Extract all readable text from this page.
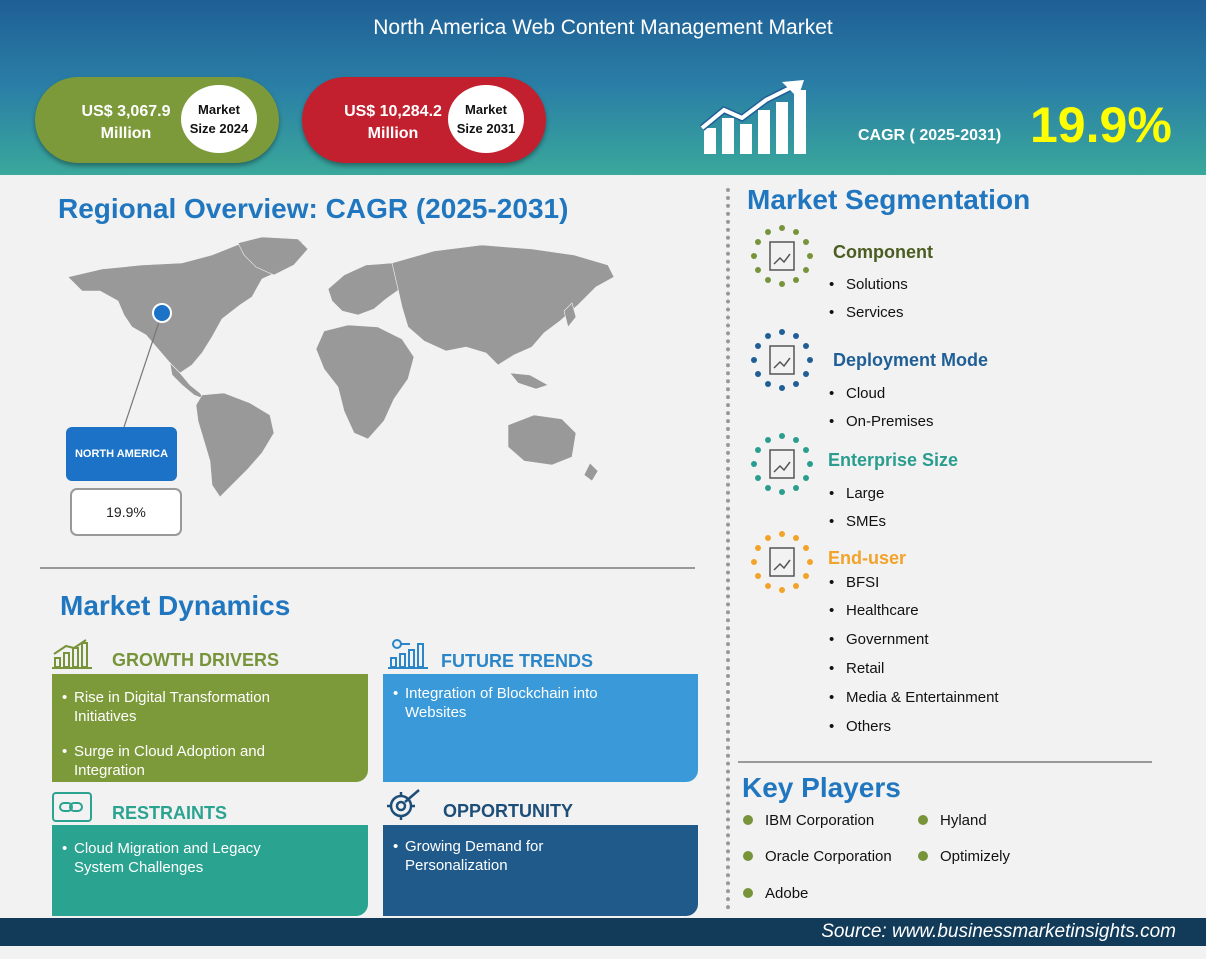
North America Web Content Management Market
US$ 3,067.9
Million
Market
Size 2024
US$ 10,284.2
Million
Market
Size 2031	CAGR ( 2025-2031) 19.9%
Regional Overview: CAGR (2025-2031)
NORTH AMERICA
19.9%
Market Dynamics
GROWTH DRIVERS
• Rise in Digital Transformation Initiatives
• Surge in Cloud Adoption and Integration
FUTURE TRENDS
• Integration of Blockchain into Websites
RESTRAINTS
• Cloud Migration and Legacy System Challenges
OPPORTUNITY
• Growing Demand for Personalization
Market Segmentation
Component
• Solutions
• Services
Deployment Mode
• Cloud
• On-Premises
Enterprise Size
• Large
• SMEs
End-user
• BFSI
• Healthcare
• Government
• Retail
• Media & Entertainment
• Others
Key Players
IBM Corporation	Hyland
Oracle Corporation	Optimizely
Adobe
Source: www.businessmarketinsights.com
